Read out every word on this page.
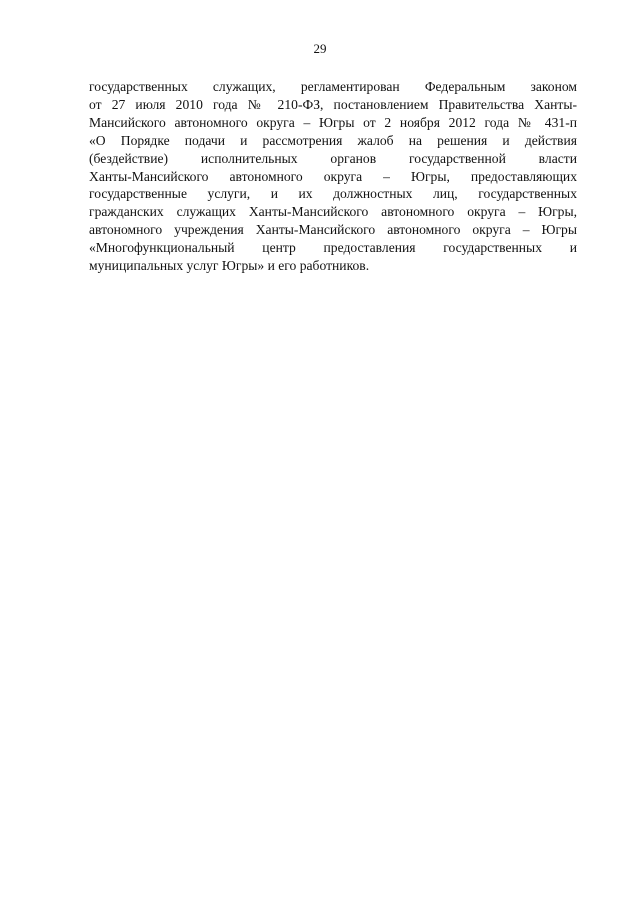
29
государственных служащих, регламентирован Федеральным законом
от 27 июля 2010 года № 210-ФЗ, постановлением Правительства Ханты-
Мансийского автономного округа – Югры от 2 ноября 2012 года № 431-п
«О Порядке подачи и рассмотрения жалоб на решения и действия
(бездействие) исполнительных органов государственной власти
Ханты-Мансийского автономного округа – Югры, предоставляющих
государственные услуги, и их должностных лиц, государственных
гражданских служащих Ханты-Мансийского автономного округа – Югры,
автономного учреждения Ханты-Мансийского автономного округа – Югры
«Многофункциональный центр предоставления государственных и
муниципальных услуг Югры» и его работников.
